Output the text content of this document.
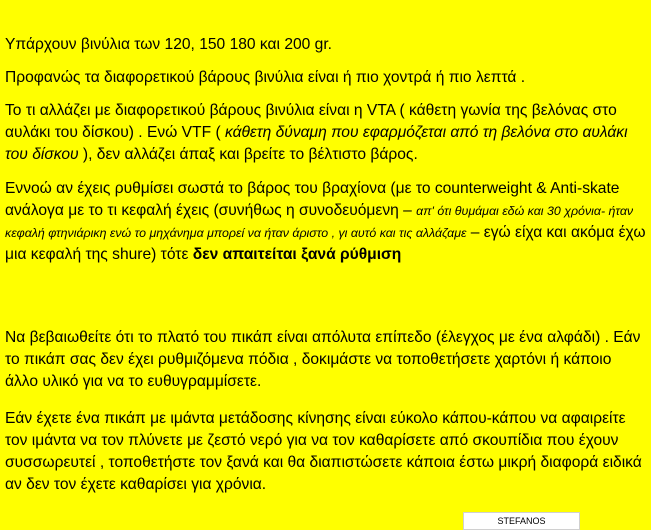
Υπάρχουν βινύλια των 120, 150 180 και 200 gr.

Προφανώς τα διαφορετικού βάρους βινύλια είναι ή πιο χοντρά ή πιο λεπτά .

Το τι αλλάζει με διαφορετικού βάρους βινύλια είναι η VTA ( κάθετη γωνία της βελόνας στο αυλάκι του δίσκου) . Ενώ VTF ( κάθετη δύναμη που εφαρμόζεται από τη βελόνα στο αυλάκι του δίσκου ), δεν αλλάζει άπαξ και βρείτε το βέλτιστο βάρος.

Εννοώ αν έχεις ρυθμίσει σωστά το βάρος του βραχίονα (με το counterweight & Anti-skate ανάλογα με το τι κεφαλή έχεις (συνήθως η συνοδευόμενη – απ' ότι θυμάμαι εδώ και 30 χρόνια- ήταν κεφαλή φτηνιάρικη ενώ το μηχάνημα μπορεί να ήταν άριστο , γι αυτό και τις αλλάζαμε – εγώ είχα και ακόμα έχω μια κεφαλή της shure) τότε δεν απαιτείται ξανά ρύθμιση

Να βεβαιωθείτε ότι το πλατό του πικάπ είναι απόλυτα επίπεδο (έλεγχος με ένα αλφάδι) . Εάν το πικάπ σας δεν έχει ρυθμιζόμενα πόδια , δοκιμάστε να τοποθετήσετε χαρτόνι ή κάποιο άλλο υλικό για να το ευθυγραμμίσετε.

Εάν έχετε ένα πικάπ με ιμάντα μετάδοσης κίνησης είναι εύκολο κάπου-κάπου να αφαιρείτε τον ιμάντα να τον πλύνετε με ζεστό νερό για να τον καθαρίσετε από σκουπίδια που έχουν συσσωρευτεί , τοποθετήστε τον ξανά και θα διαπιστώσετε κάποια έστω μικρή διαφορά ειδικά αν δεν τον έχετε καθαρίσει για χρόνια.

STEFANOS
